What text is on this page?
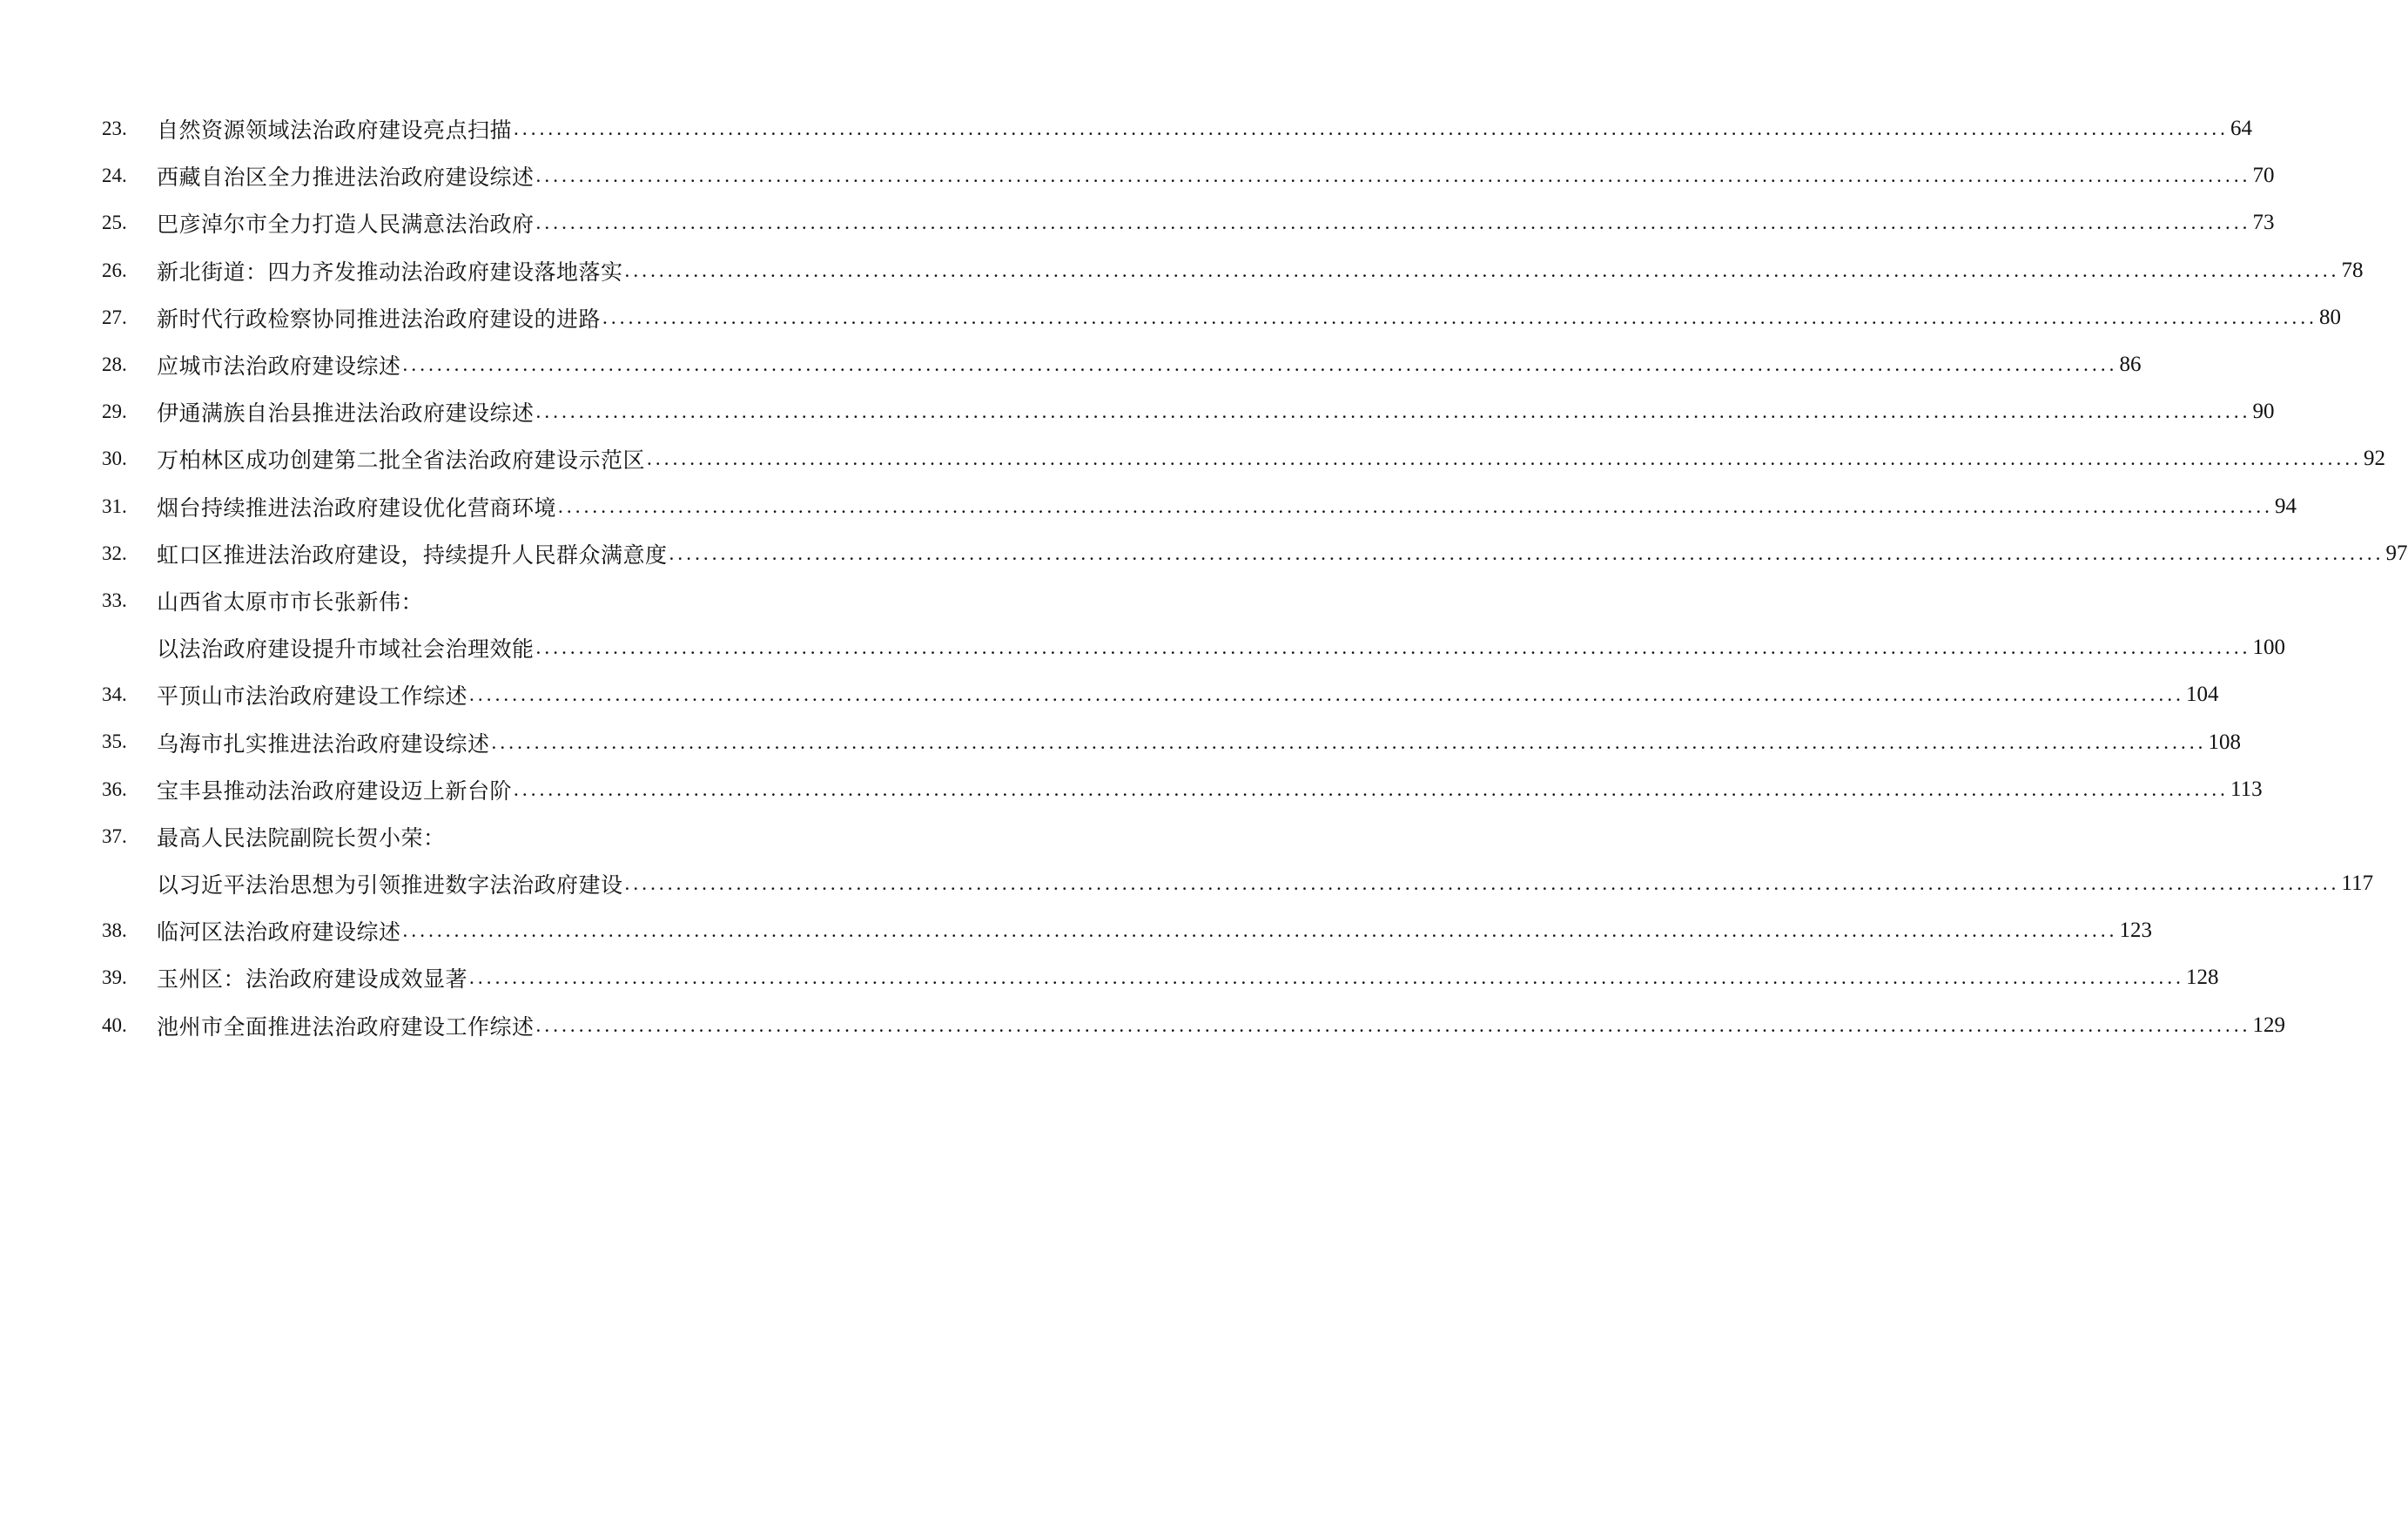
23. 自然资源领域法治政府建设亮点扫描 ........................................................................................................................................................................................................ 64
24. 西藏自治区全力推进法治政府建设综述 ........................................................................................................................................................................................................ 70
25. 巴彦淖尔市全力打造人民满意法治政府 ........................................................................................................................................................................................................ 73
26. 新北街道：四力齐发推动法治政府建设落地落实 ........................................................................................................................................................................................................ 78
27. 新时代行政检察协同推进法治政府建设的进路 ........................................................................................................................................................................................................ 80
28. 应城市法治政府建设综述 ........................................................................................................................................................................................................ 86
29. 伊通满族自治县推进法治政府建设综述 ........................................................................................................................................................................................................ 90
30. 万柏林区成功创建第二批全省法治政府建设示范区 ........................................................................................................................................................................................................ 92
31. 烟台持续推进法治政府建设优化营商环境 ........................................................................................................................................................................................................ 94
32. 虹口区推进法治政府建设，持续提升人民群众满意度 ........................................................................................................................................................................................................ 97
33. 山西省太原市市长张新伟：
以法治政府建设提升市域社会治理效能 ........................................................................................................................................................................................................ 100
34. 平顶山市法治政府建设工作综述 ........................................................................................................................................................................................................ 104
35. 乌海市扎实推进法治政府建设综述 ........................................................................................................................................................................................................ 108
36. 宝丰县推动法治政府建设迈上新台阶 ........................................................................................................................................................................................................ 113
37. 最高人民法院副院长贺小荣：
以习近平法治思想为引领推进数字法治政府建设 ........................................................................................................................................................................................................ 117
38. 临河区法治政府建设综述 ........................................................................................................................................................................................................ 123
39. 玉州区：法治政府建设成效显著 ........................................................................................................................................................................................................ 128
40. 池州市全面推进法治政府建设工作综述 ........................................................................................................................................................................................................ 129
